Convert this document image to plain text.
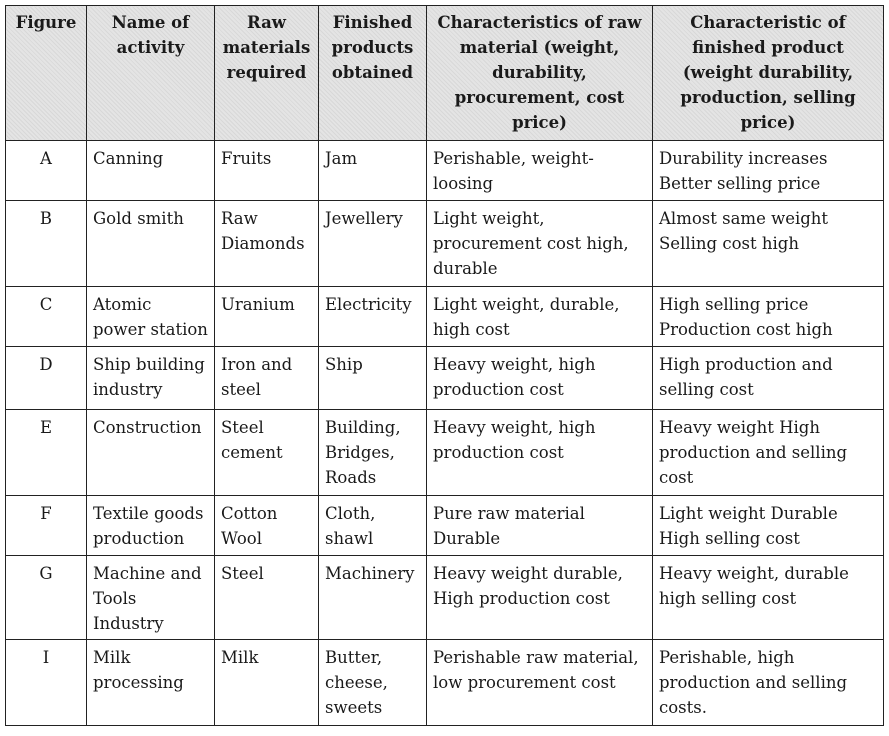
Figure	Name of activity	Raw materials required	Finished products obtained	Characteristics of raw material (weight, durability, procurement, cost price)	Characteristic of finished product (weight durability, production, selling price)
A	Canning	Fruits	Jam	Perishable, weight-loosing	Durability increases Better selling price
B	Gold smith	Raw Diamonds	Jewellery	Light weight, procurement cost high, durable	Almost same weight Selling cost high
C	Atomic power station	Uranium	Electricity	Light weight, durable, high cost	High selling price Production cost high
D	Ship building industry	Iron and steel	Ship	Heavy weight, high production cost	High production and selling cost
E	Construction	Steel cement	Building, Bridges, Roads	Heavy weight, high production cost	Heavy weight High production and selling cost
F	Textile goods production	Cotton Wool	Cloth, shawl	Pure raw material Durable	Light weight Durable High selling cost
G	Machine and Tools Industry	Steel	Machinery	Heavy weight durable, High production cost	Heavy weight, durable high selling cost
I	Milk processing	Milk	Butter, cheese, sweets	Perishable raw material, low procurement cost	Perishable, high production and selling costs.
